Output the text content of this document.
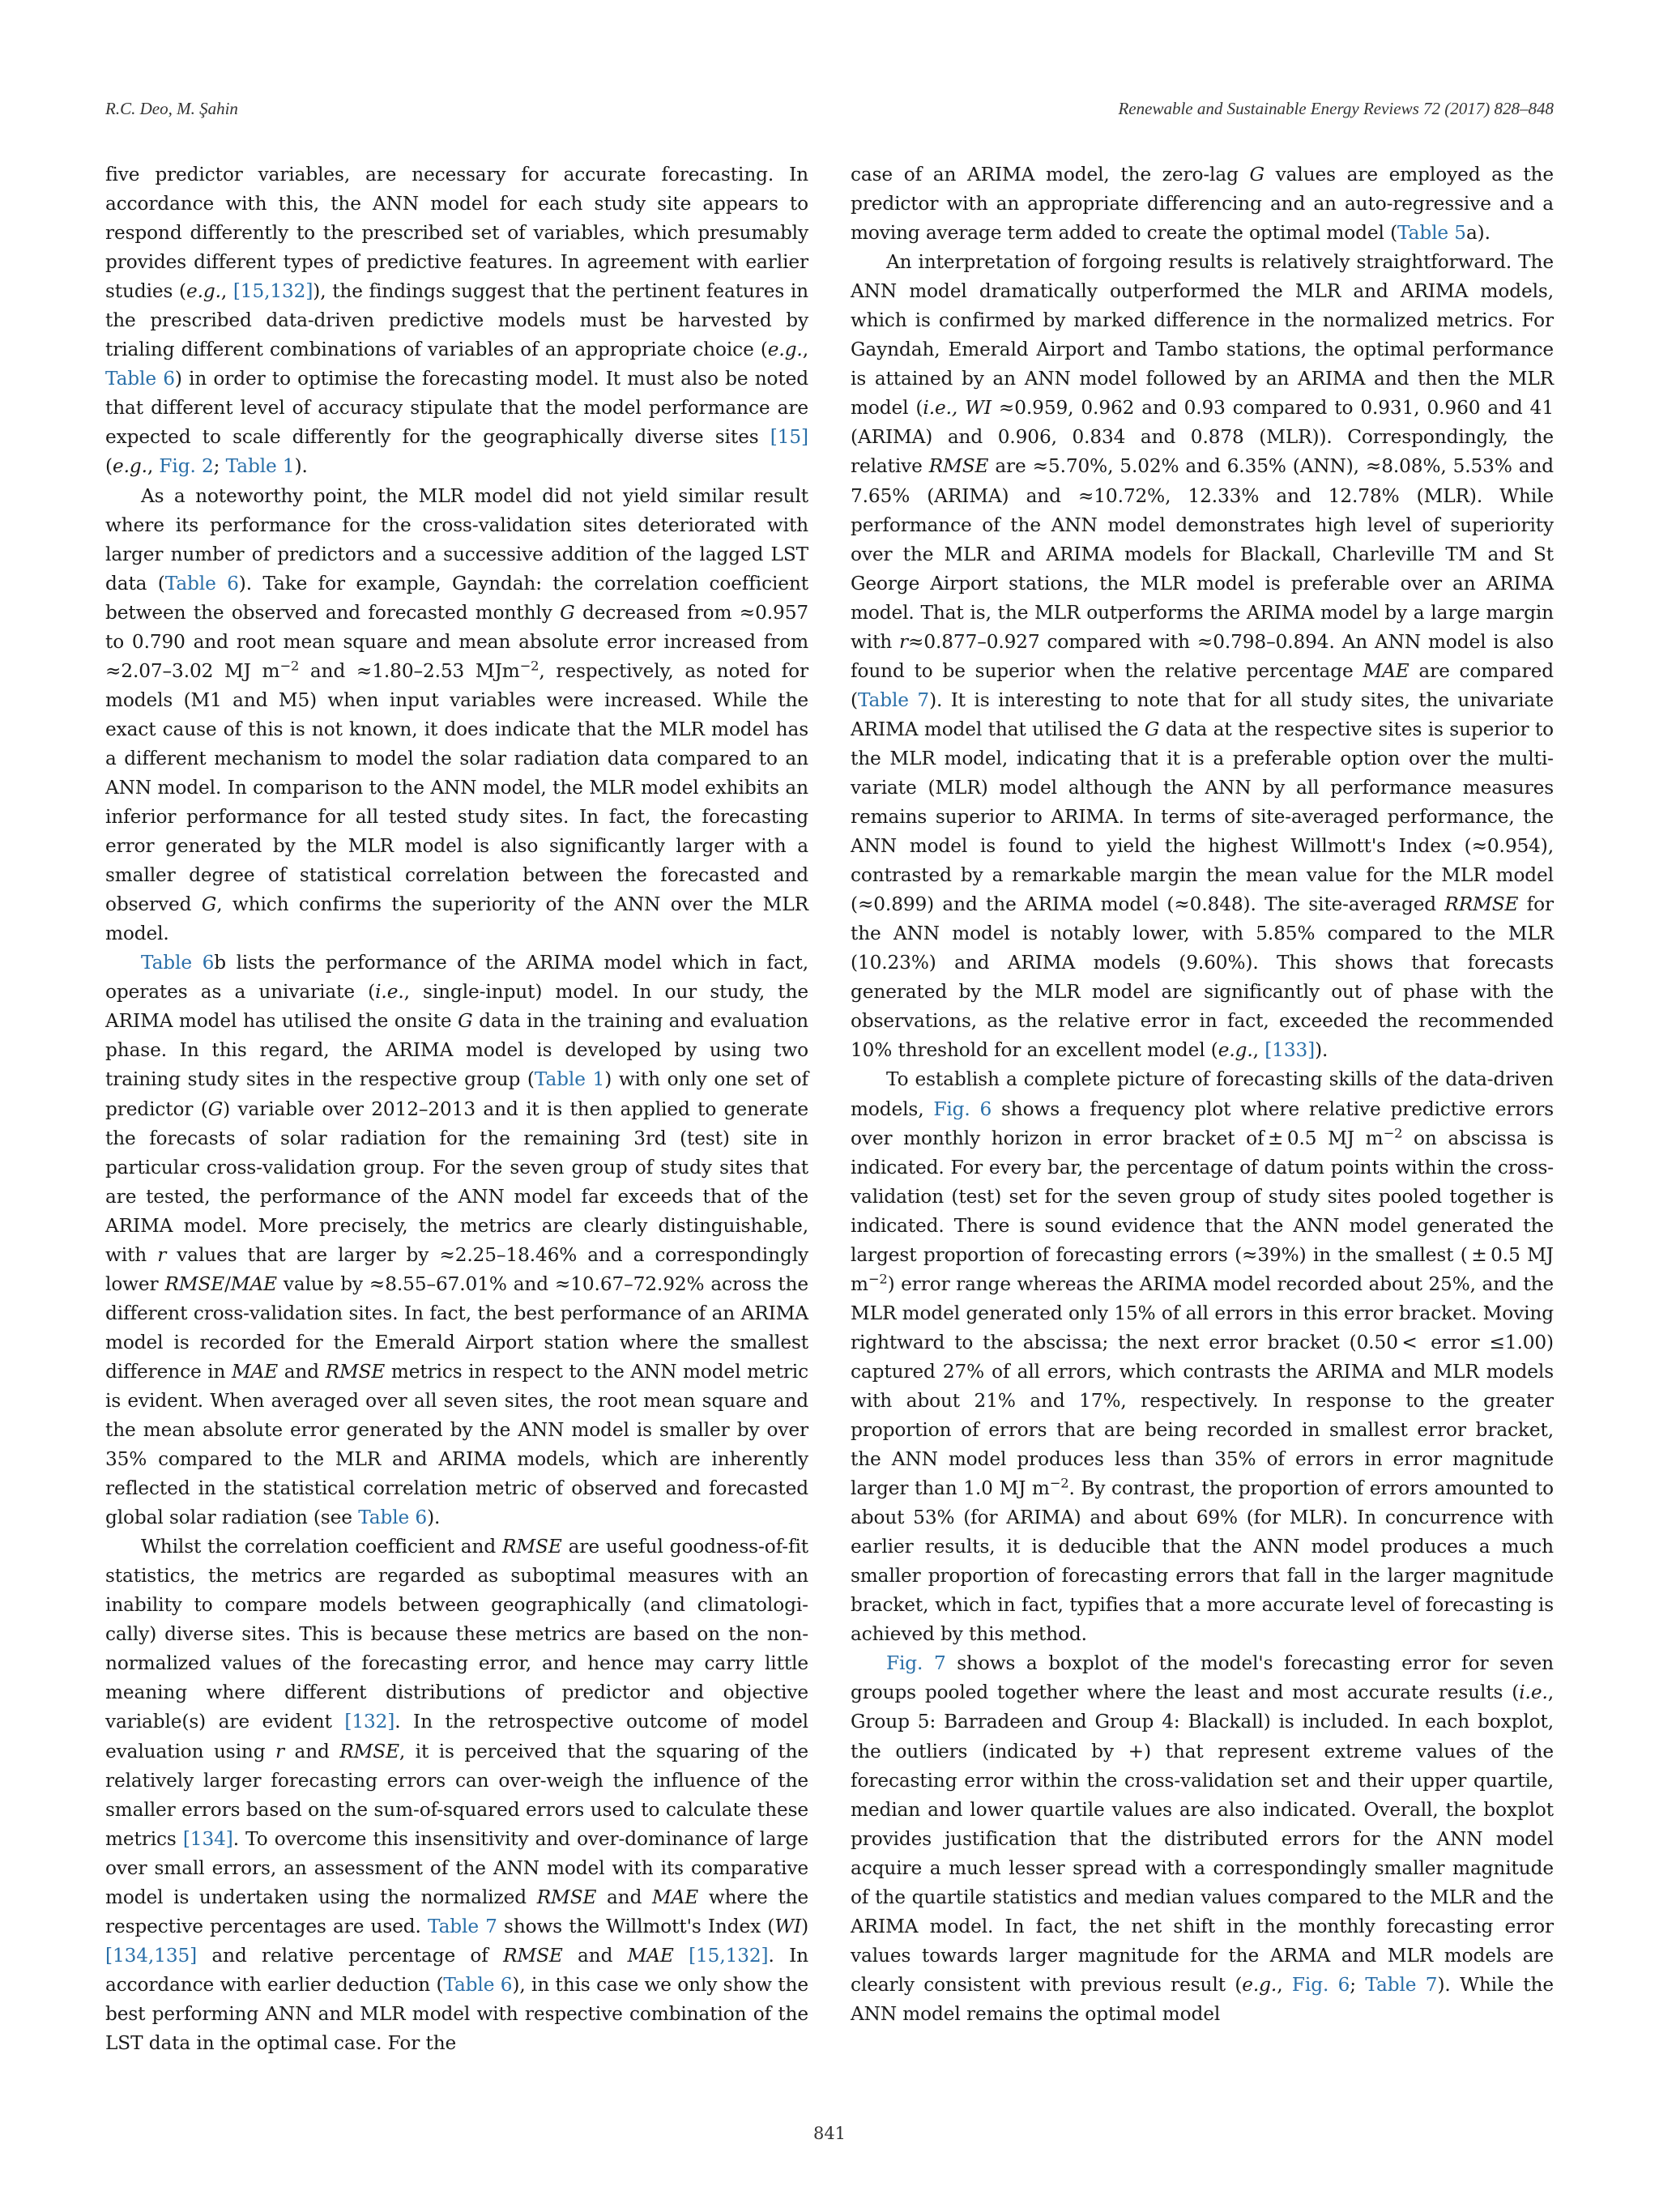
R.C. Deo, M. Şahin	Renewable and Sustainable Energy Reviews 72 (2017) 828–848

five predictor variables, are necessary for accurate forecasting. In accordance with this, the ANN model for each study site appears to respond differently to the prescribed set of variables, which presumably provides different types of predictive features. In agreement with earlier studies (e.g., [15,132]), the findings suggest that the pertinent features in the prescribed data-driven predictive models must be harvested by trialing different combinations of variables of an appropriate choice (e.g., Table 6) in order to optimise the forecasting model. It must also be noted that different level of accuracy stipulate that the model performance are expected to scale differently for the geographically diverse sites [15] (e.g., Fig. 2; Table 1).

As a noteworthy point, the MLR model did not yield similar result where its performance for the cross-validation sites deteriorated with larger number of predictors and a successive addition of the lagged LST data (Table 6). Take for example, Gayndah: the correlation coefficient between the observed and forecasted monthly G decreased from ≈0.957 to 0.790 and root mean square and mean absolute error increased from ≈2.07–3.02 MJ $m^{-2}$ and ≈1.80–2.53 MJm$^{-2}$, respectively, as noted for models (M1 and M5) when input variables were increased. While the exact cause of this is not known, it does indicate that the MLR model has a different mechanism to model the solar radiation data compared to an ANN model. In comparison to the ANN model, the MLR model exhibits an inferior performance for all tested study sites. In fact, the forecasting error generated by the MLR model is also significantly larger with a smaller degree of statistical correlation between the forecasted and observed G, which confirms the superiority of the ANN over the MLR model.

Table 6b lists the performance of the ARIMA model which in fact, operates as a univariate (i.e., single-input) model. In our study, the ARIMA model has utilised the onsite G data in the training and evaluation phase. In this regard, the ARIMA model is developed by using two training study sites in the respective group (Table 1) with only one set of predictor (G) variable over 2012–2013 and it is then applied to generate the forecasts of solar radiation for the remaining 3rd (test) site in particular cross-validation group. For the seven group of study sites that are tested, the performance of the ANN model far exceeds that of the ARIMA model. More precisely, the metrics are clearly distinguishable, with r values that are larger by ≈2.25–18.46% and a correspondingly lower RMSE/MAE value by ≈8.55–67.01% and ≈10.67–72.92% across the different cross-validation sites. In fact, the best performance of an ARIMA model is recorded for the Emerald Airport station where the smallest difference in MAE and RMSE metrics in respect to the ANN model metric is evident. When averaged over all seven sites, the root mean square and the mean absolute error generated by the ANN model is smaller by over 35% compared to the MLR and ARIMA models, which are inherently reflected in the statistical correlation metric of observed and forecasted global solar radiation (see Table 6).

Whilst the correlation coefficient and RMSE are useful goodness-of-fit statistics, the metrics are regarded as suboptimal measures with an inability to compare models between geographically (and climatologically) diverse sites. This is because these metrics are based on the non-normalized values of the forecasting error, and hence may carry little meaning where different distributions of predictor and objective variable(s) are evident [132]. In the retrospective outcome of model evaluation using r and RMSE, it is perceived that the squaring of the relatively larger forecasting errors can over-weigh the influence of the smaller errors based on the sum-of-squared errors used to calculate these metrics [134]. To overcome this insensitivity and over-dominance of large over small errors, an assessment of the ANN model with its comparative model is undertaken using the normalized RMSE and MAE where the respective percentages are used. Table 7 shows the Willmott's Index (WI) [134,135] and relative percentage of RMSE and MAE [15,132]. In accordance with earlier deduction (Table 6), in this case we only show the best performing ANN and MLR model with respective combination of the LST data in the optimal case. For the

case of an ARIMA model, the zero-lag G values are employed as the predictor with an appropriate differencing and an auto-regressive and a moving average term added to create the optimal model (Table 5a).

An interpretation of forgoing results is relatively straightforward. The ANN model dramatically outperformed the MLR and ARIMA models, which is confirmed by marked difference in the normalized metrics. For Gayndah, Emerald Airport and Tambo stations, the optimal performance is attained by an ANN model followed by an ARIMA and then the MLR model (i.e., WI ≈0.959, 0.962 and 0.93 compared to 0.931, 0.960 and 41 (ARIMA) and 0.906, 0.834 and 0.878 (MLR)). Correspondingly, the relative RMSE are ≈5.70%, 5.02% and 6.35% (ANN), ≈8.08%, 5.53% and 7.65% (ARIMA) and ≈10.72%, 12.33% and 12.78% (MLR). While performance of the ANN model demonstrates high level of superiority over the MLR and ARIMA models for Blackall, Charleville TM and St George Airport stations, the MLR model is preferable over an ARIMA model. That is, the MLR outperforms the ARIMA model by a large margin with r≈0.877–0.927 compared with ≈0.798–0.894. An ANN model is also found to be superior when the relative percentage MAE are compared (Table 7). It is interesting to note that for all study sites, the univariate ARIMA model that utilised the G data at the respective sites is superior to the MLR model, indicating that it is a preferable option over the multivariate (MLR) model although the ANN by all performance measures remains superior to ARIMA. In terms of site-averaged performance, the ANN model is found to yield the highest Willmott's Index (≈0.954), contrasted by a remarkable margin the mean value for the MLR model (≈0.899) and the ARIMA model (≈0.848). The site-averaged RRMSE for the ANN model is notably lower, with 5.85% compared to the MLR (10.23%) and ARIMA models (9.60%). This shows that forecasts generated by the MLR model are significantly out of phase with the observations, as the relative error in fact, exceeded the recommended 10% threshold for an excellent model (e.g., [133]).

To establish a complete picture of forecasting skills of the data-driven models, Fig. 6 shows a frequency plot where relative predictive errors over monthly horizon in error bracket of ± 0.5 MJ $m^{-2}$ on abscissa is indicated. For every bar, the percentage of datum points within the cross-validation (test) set for the seven group of study sites pooled together is indicated. There is sound evidence that the ANN model generated the largest proportion of forecasting errors (≈39%) in the smallest ( ± 0.5 MJ $m^{-2}$) error range whereas the ARIMA model recorded about 25%, and the MLR model generated only 15% of all errors in this error bracket. Moving rightward to the abscissa; the next error bracket (0.50 <  error ≤1.00) captured 27% of all errors, which contrasts the ARIMA and MLR models with about 21% and 17%, respectively. In response to the greater proportion of errors that are being recorded in smallest error bracket, the ANN model produces less than 35% of errors in error magnitude larger than 1.0 MJ $m^{-2}$. By contrast, the proportion of errors amounted to about 53% (for ARIMA) and about 69% (for MLR). In concurrence with earlier results, it is deducible that the ANN model produces a much smaller proportion of forecasting errors that fall in the larger magnitude bracket, which in fact, typifies that a more accurate level of forecasting is achieved by this method.

Fig. 7 shows a boxplot of the model's forecasting error for seven groups pooled together where the least and most accurate results (i.e., Group 5: Barradeen and Group 4: Blackall) is included. In each boxplot, the outliers (indicated by +) that represent extreme values of the forecasting error within the cross-validation set and their upper quartile, median and lower quartile values are also indicated. Overall, the boxplot provides justification that the distributed errors for the ANN model acquire a much lesser spread with a correspondingly smaller magnitude of the quartile statistics and median values compared to the MLR and the ARIMA model. In fact, the net shift in the monthly forecasting error values towards larger magnitude for the ARMA and MLR models are clearly consistent with previous result (e.g., Fig. 6; Table 7). While the ANN model remains the optimal model

841
